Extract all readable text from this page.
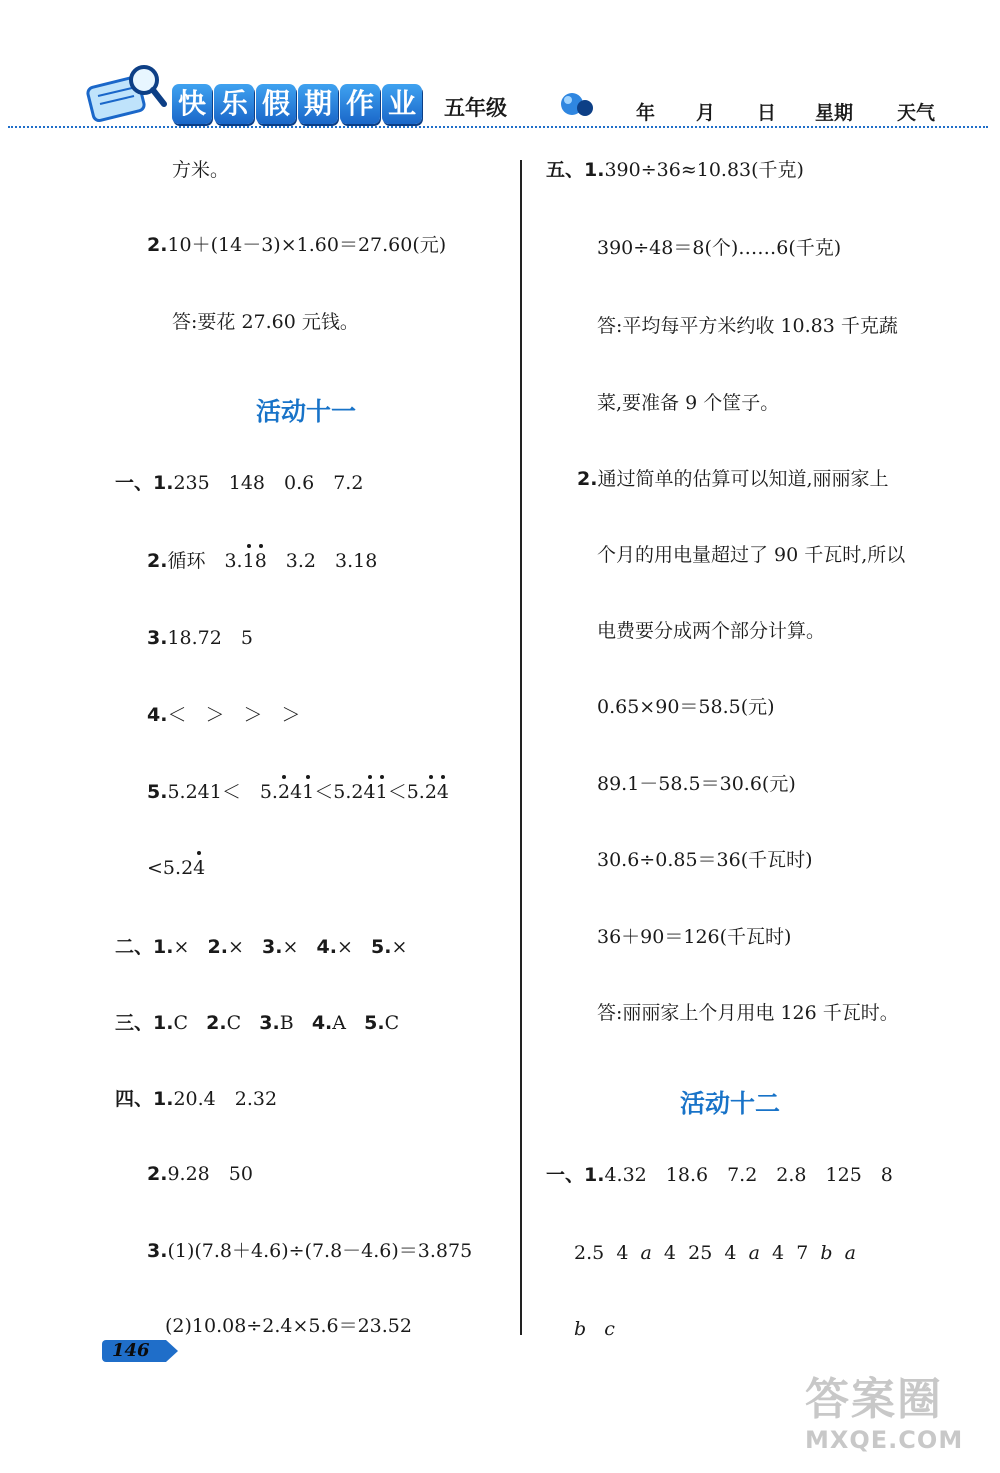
快 乐 假 期 作 业 五年级	年 月 日 星期 天气
方米。
2.10＋(14－3)×1.60＝27.60(元)
答:要花 27.60 元钱。
活动十一
一、1.235　148　0.6　7.2
2.循环　3.18　3.2　3.18
3.18.72　5
4.＜　＞　＞　＞
5.5.241＜　5.241＜5.241＜5.24
<5.24
二、1.× 2.× 3.× 4.× 5.×
三、1.C 2.C 3.B 4.A 5.C
四、1.20.4　2.32
2.9.28　50
3.(1)(7.8＋4.6)÷(7.8－4.6)＝3.875
(2)10.08÷2.4×5.6＝23.52
五、1.390÷36≈10.83(千克)
390÷48＝8(个)……6(千克)
答:平均每平方米约收 10.83 千克蔬
菜,要准备 9 个筐子。
2.通过简单的估算可以知道,丽丽家上
个月的用电量超过了 90 千瓦时,所以
电费要分成两个部分计算。
0.65×90＝58.5(元)
89.1－58.5＝30.6(元)
30.6÷0.85＝36(千瓦时)
36＋90＝126(千瓦时)
答:丽丽家上个月用电 126 千瓦时。
活动十二
一、1.4.32　18.6　7.2　2.8　125　8
2.5 4 a 4 25 4 a 4 7 b a
b c
146
答案圈
MXQE.COM
